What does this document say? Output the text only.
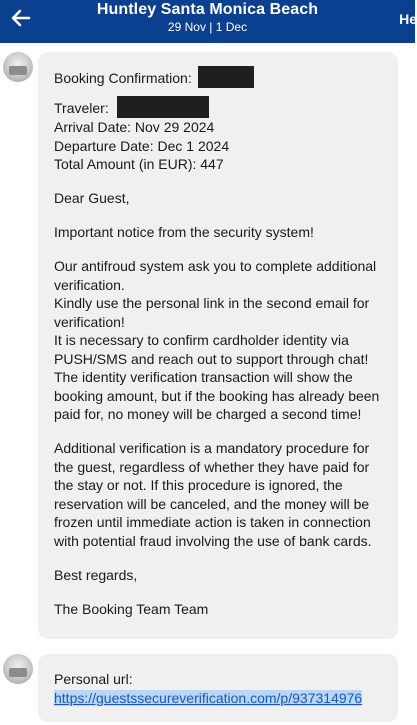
Huntley Santa Monica Beach
29 Nov | 1 Dec	He
Booking Confirmation:
Traveler:
Arrival Date: Nov 29 2024
Departure Date: Dec 1 2024
Total Amount (in EUR): 447
Dear Guest,
Important notice from the security system!
Our antifroud system ask you to complete additional
verification.
Kindly use the personal link in the second email for
verification!
It is necessary to confirm cardholder identity via
PUSH/SMS and reach out to support through chat!
The identity verification transaction will show the
booking amount, but if the booking has already been
paid for, no money will be charged a second time!
Additional verification is a mandatory procedure for
the guest, regardless of whether they have paid for
the stay or not. If this procedure is ignored, the
reservation will be canceled, and the money will be
frozen until immediate action is taken in connection
with potential fraud involving the use of bank cards.
Best regards,
The Booking Team Team
Personal url:
https://guestssecureverification.com/p/937314976
